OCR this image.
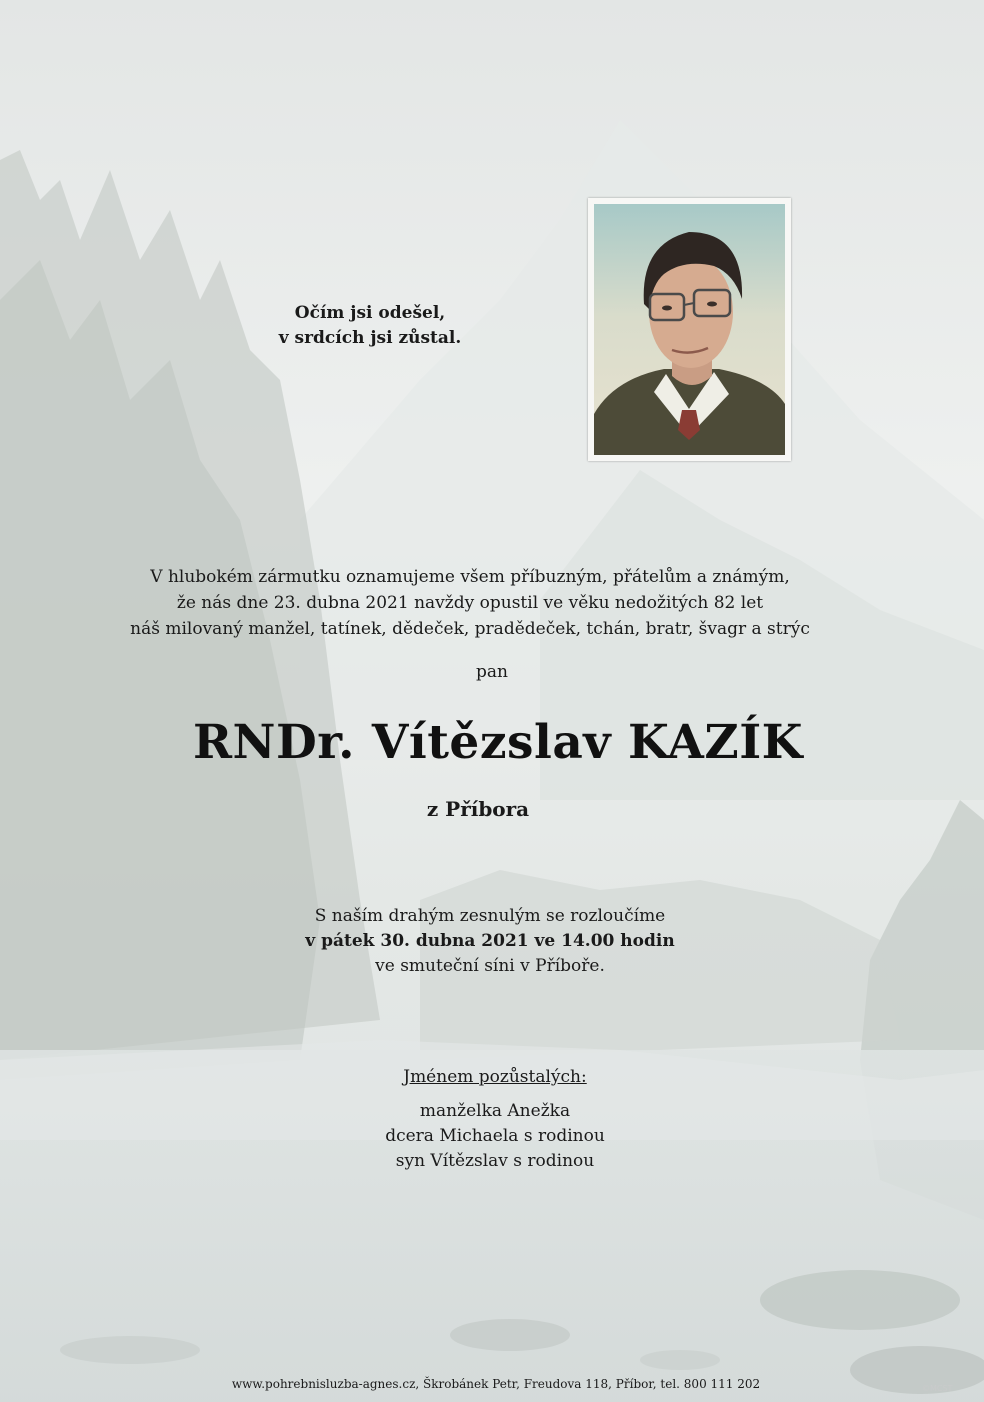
Očím jsi odešel,
v srdcích jsi zůstal.
V hlubokém zármutku oznamujeme všem příbuzným, přátelům a známým,
že nás dne 23. dubna 2021 navždy opustil ve věku nedožitých 82 let
náš milovaný manžel, tatínek, dědeček, pradědeček, tchán, bratr, švagr a strýc
pan
RNDr. Vítězslav KAZÍK
z Příbora
S naším drahým zesnulým se rozloučíme
v pátek 30. dubna 2021 ve 14.00 hodin
ve smuteční síni v Příboře.
Jménem pozůstalých:
manželka Anežka
dcera Michaela s rodinou
syn Vítězslav s rodinou
www.pohrebnisluzba-agnes.cz, Škrobánek Petr, Freudova 118, Příbor, tel. 800 111 202	©MCST
